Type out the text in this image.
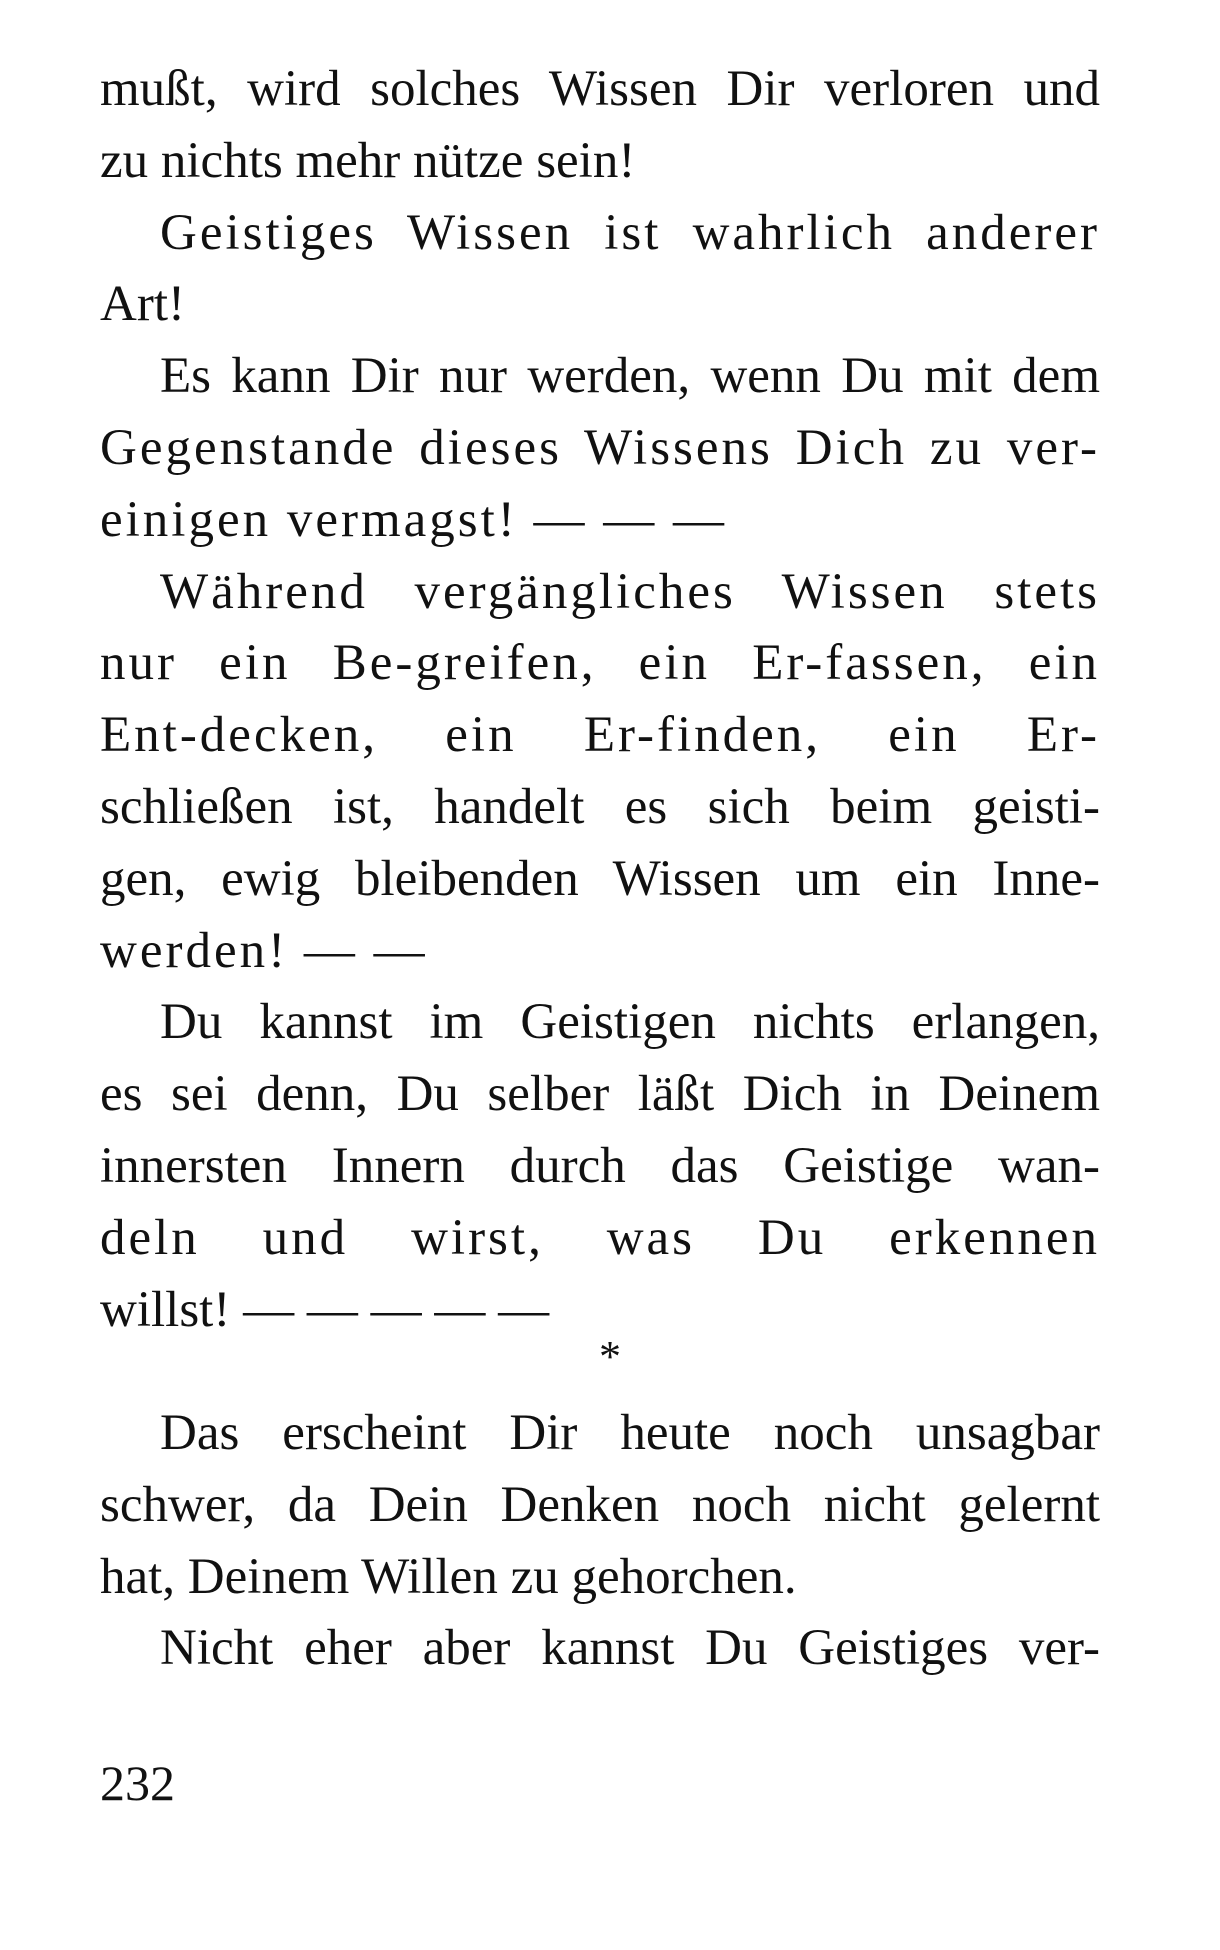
mußt, wird solches Wissen Dir verloren und
zu nichts mehr nütze sein!
Geistiges Wissen ist wahrlich anderer
Art!
Es kann Dir nur werden, wenn Du mit dem
Gegenstande dieses Wissens Dich zu ver-
einigen vermagst! — — —
Während vergängliches Wissen stets
nur ein Be-greifen, ein Er-fassen, ein
Ent-decken, ein Er-finden, ein Er-
schließen ist, handelt es sich beim geisti-
gen, ewig bleibenden Wissen um ein Inne-
werden! — —
Du kannst im Geistigen nichts erlangen,
es sei denn, Du selber läßt Dich in Deinem
innersten Innern durch das Geistige wan-
deln und wirst, was Du erkennen
willst! — — — — —
*
Das erscheint Dir heute noch unsagbar
schwer, da Dein Denken noch nicht gelernt
hat, Deinem Willen zu gehorchen.
Nicht eher aber kannst Du Geistiges ver-
232
